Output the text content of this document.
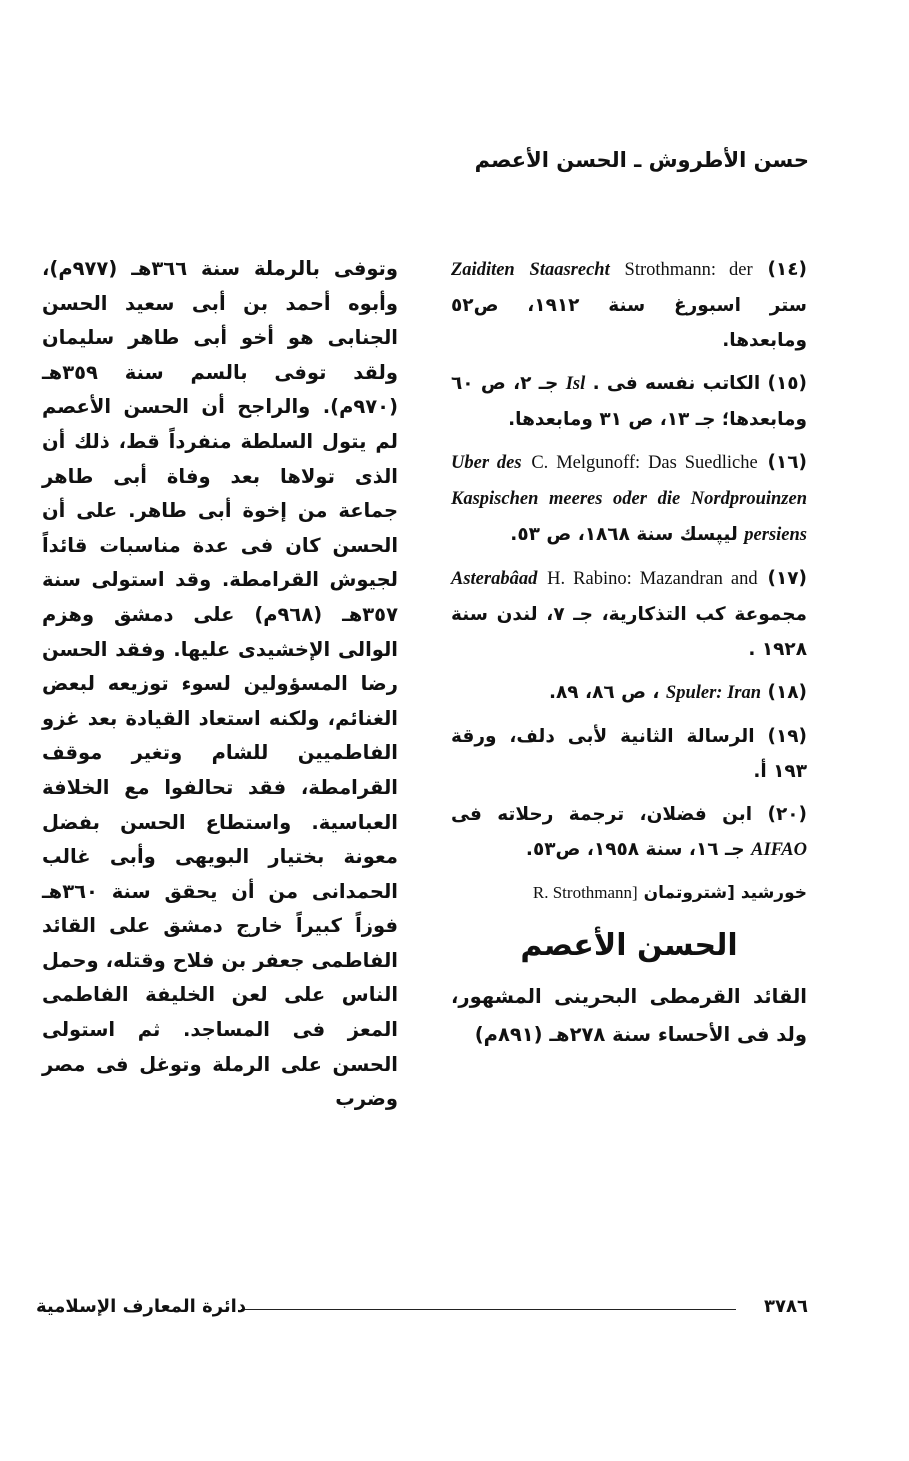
حسن الأطروش ـ الحسن الأعصم

(١٤) Strothmann: der Staasrecht Zaiditen ستر اسبورغ سنة ١٩١٢، ص٥٢ ومابعدها.

(١٥) الكاتب نفسه فى . Isl جـ ٢، ص ٦٠ ومابعدها؛ جـ ١٣، ص ٣١ ومابعدها.

(١٦) C. Melgunoff: Das Suedliche Uber des Kaspischen meeres oder die Nordprouinzen persiens ليپسك سنة ١٨٦٨، ص ٥٣.

(١٧) H. Rabino: Mazandran and Asterabâad مجموعة كب التذكارية، جـ ٧، لندن سنة ١٩٢٨ .

(١٨) Spuler: Iran ، ص ٨٦، ٨٩.

(١٩) الرسالة الثانية لأبى دلف، ورقة ١٩٣ أ.

(٢٠) ابن فضلان، ترجمة رحلاته فى AIFAO جـ ١٦، سنة ١٩٥٨، ص٥٣.

خورشيد [شتروتمان R. Strothmann]

الحسن الأعصم

القائد القرمطى البحرينى المشهور، ولد فى الأحساء سنة ٢٧٨هـ (٨٩١م)

وتوفى بالرملة سنة ٣٦٦هـ (٩٧٧م)، وأبوه أحمد بن أبى سعيد الحسن الجنابى هو أخو أبى طاهر سليمان ولقد توفى بالسم سنة ٣٥٩هـ (٩٧٠م). والراجح أن الحسن الأعصم لم يتول السلطة منفرداً قط، ذلك أن الذى تولاها بعد وفاة أبى طاهر جماعة من إخوة أبى طاهر. على أن الحسن كان فى عدة مناسبات قائداً لجيوش القرامطة. وقد استولى سنة ٣٥٧هـ (٩٦٨م) على دمشق وهزم الوالى الإخشيدى عليها. وفقد الحسن رضا المسؤولين لسوء توزيعه لبعض الغنائم، ولكنه استعاد القيادة بعد غزو الفاطميين للشام وتغير موقف القرامطة، فقد تحالفوا مع الخلافة العباسية. واستطاع الحسن بفضل معونة بختيار البويهى وأبى غالب الحمدانى من أن يحقق سنة ٣٦٠هـ فوزاً كبيراً خارج دمشق على القائد الفاطمى جعفر بن فلاح وقتله، وحمل الناس على لعن الخليفة الفاطمى المعز فى المساجد. ثم استولى الحسن على الرملة وتوغل فى مصر وضرب

٣٧٨٦
دائرة المعارف الإسلامية
